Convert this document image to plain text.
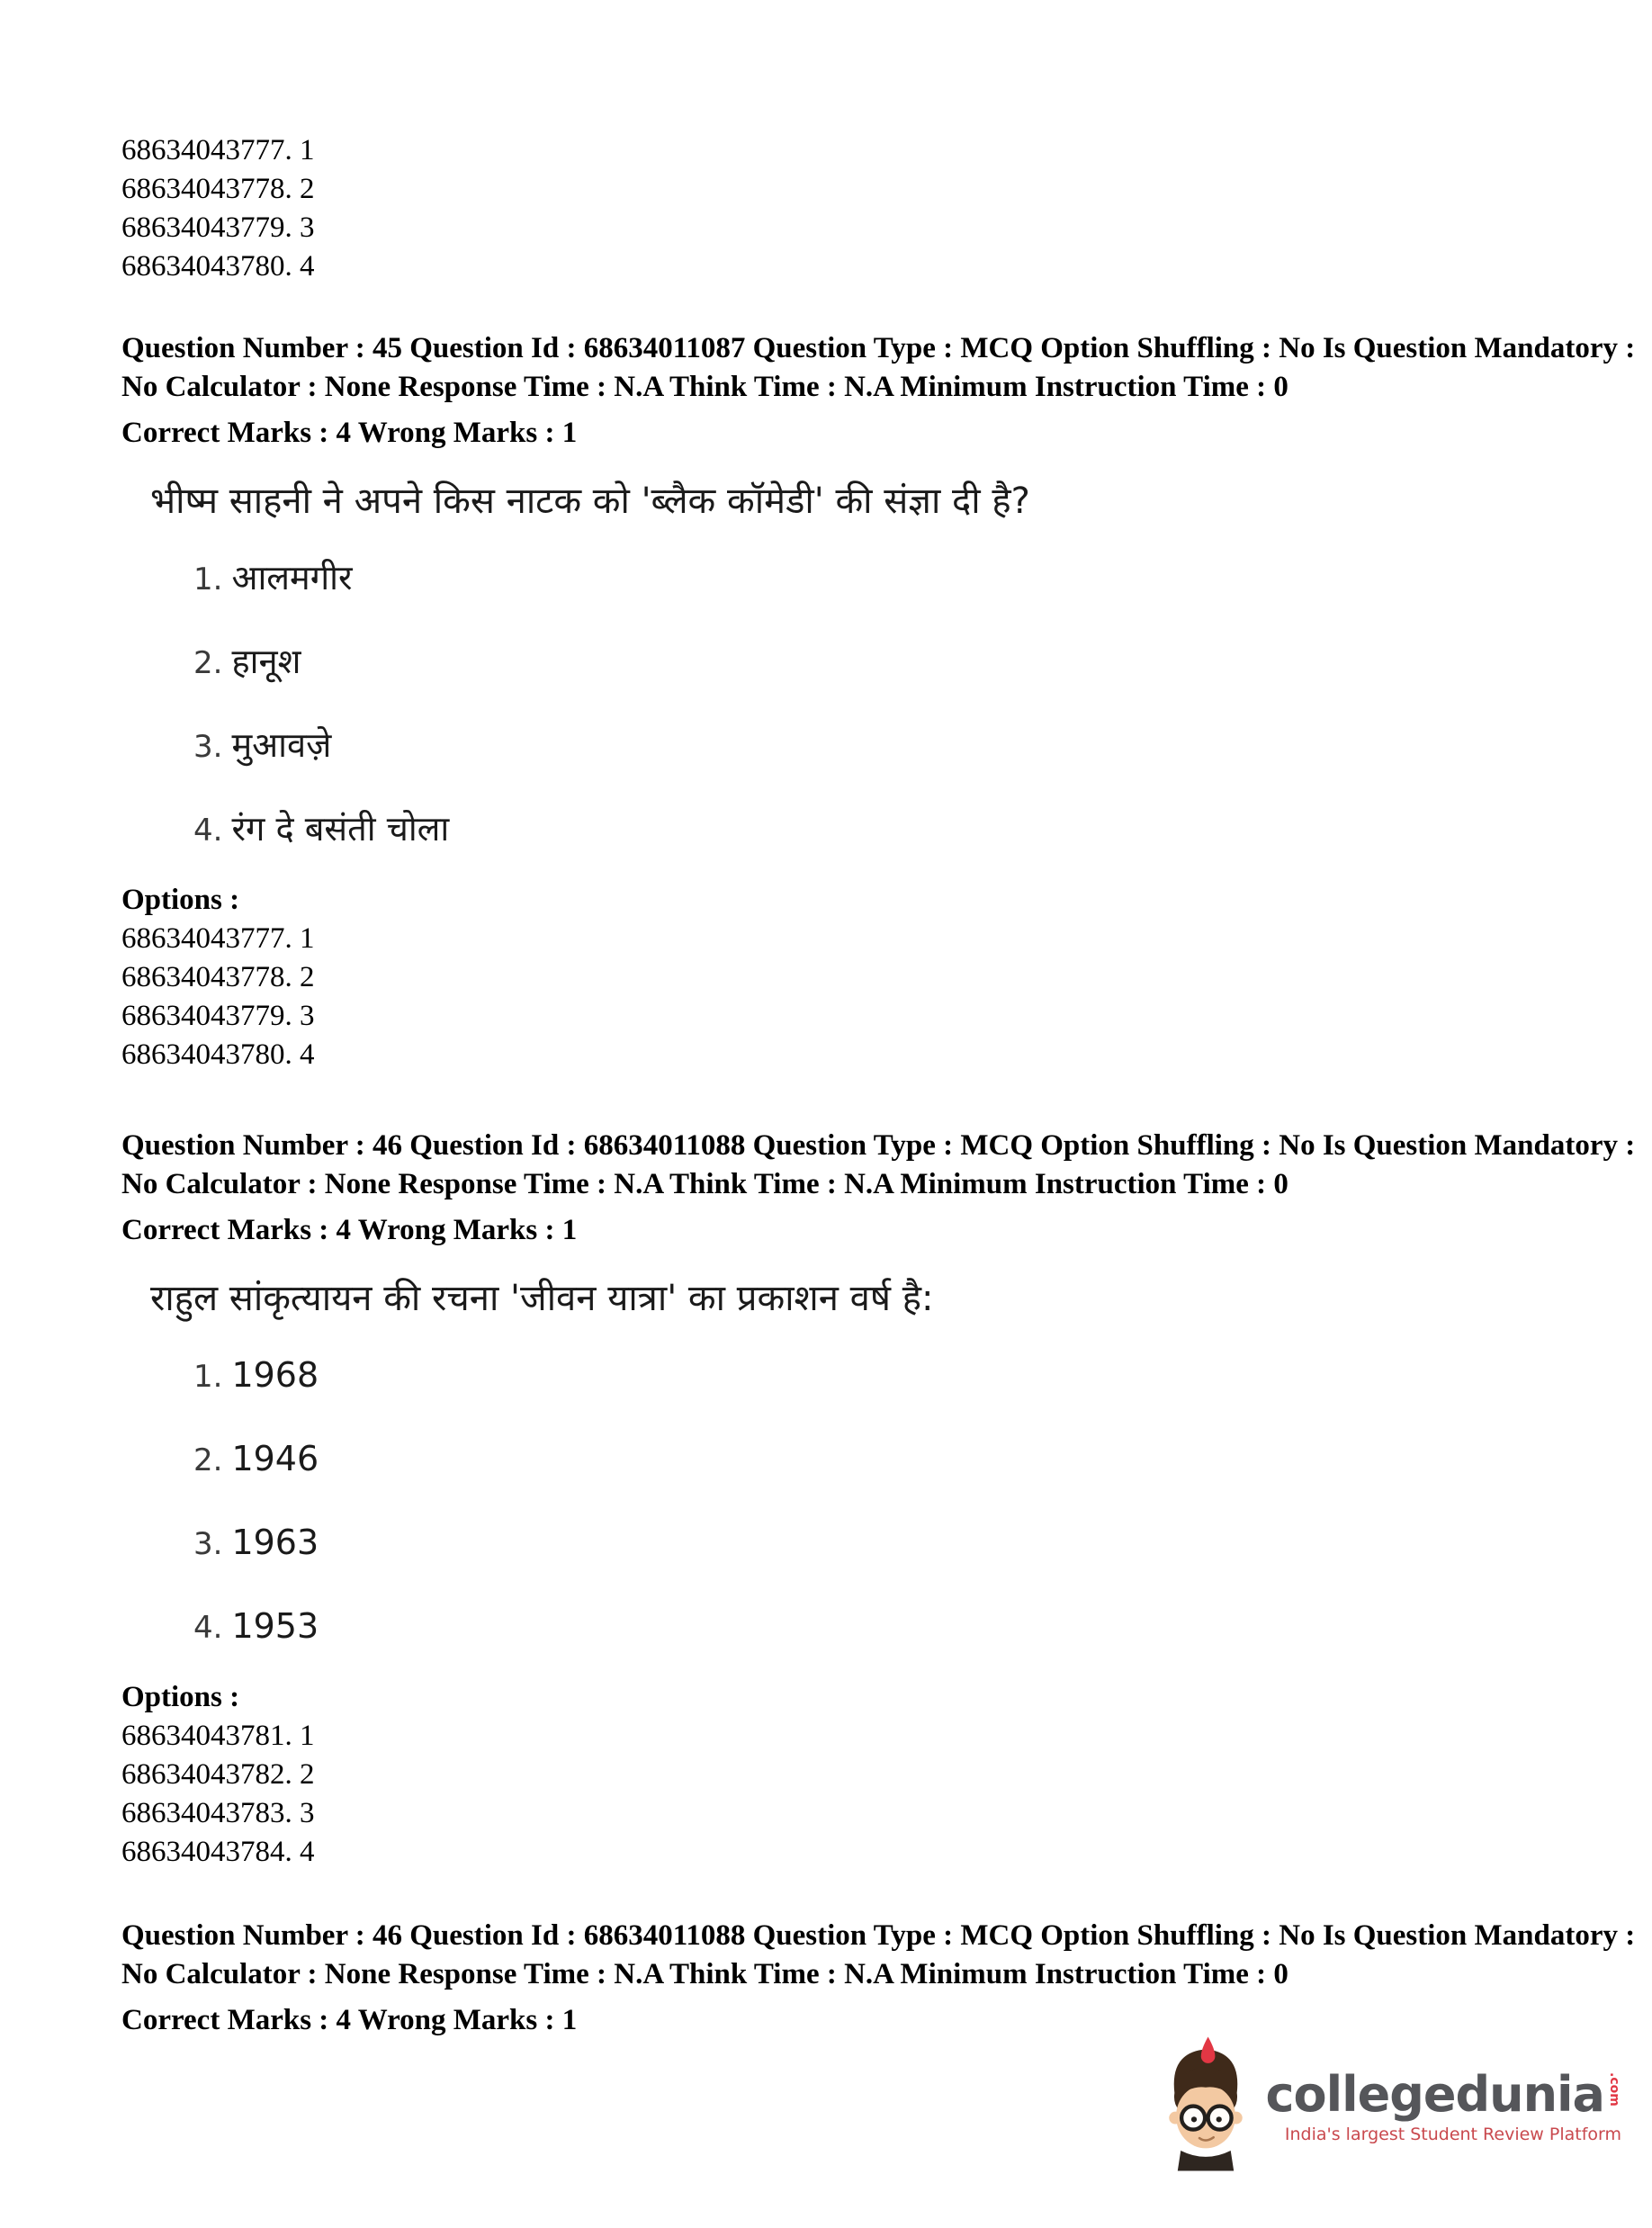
68634043777. 1
68634043778. 2
68634043779. 3
68634043780. 4
Question Number : 45 Question Id : 68634011087 Question Type : MCQ Option Shuffling : No Is Question Mandatory :
No Calculator : None Response Time : N.A Think Time : N.A Minimum Instruction Time : 0
Correct Marks : 4 Wrong Marks : 1
भीष्म साहनी ने अपने किस नाटक को 'ब्लैक कॉमेडी' की संज्ञा दी है?
1. आलमगीर
2. हानूश
3. मुआवज़े
4. रंग दे बसंती चोला
Options :
68634043777. 1
68634043778. 2
68634043779. 3
68634043780. 4
Question Number : 46 Question Id : 68634011088 Question Type : MCQ Option Shuffling : No Is Question Mandatory :
No Calculator : None Response Time : N.A Think Time : N.A Minimum Instruction Time : 0
Correct Marks : 4 Wrong Marks : 1
राहुल सांकृत्यायन की रचना 'जीवन यात्रा' का प्रकाशन वर्ष है:
1. 1968
2. 1946
3. 1963
4. 1953
Options :
68634043781. 1
68634043782. 2
68634043783. 3
68634043784. 4
Question Number : 46 Question Id : 68634011088 Question Type : MCQ Option Shuffling : No Is Question Mandatory :
No Calculator : None Response Time : N.A Think Time : N.A Minimum Instruction Time : 0
Correct Marks : 4 Wrong Marks : 1
collegedunia .com
India's largest Student Review Platform
